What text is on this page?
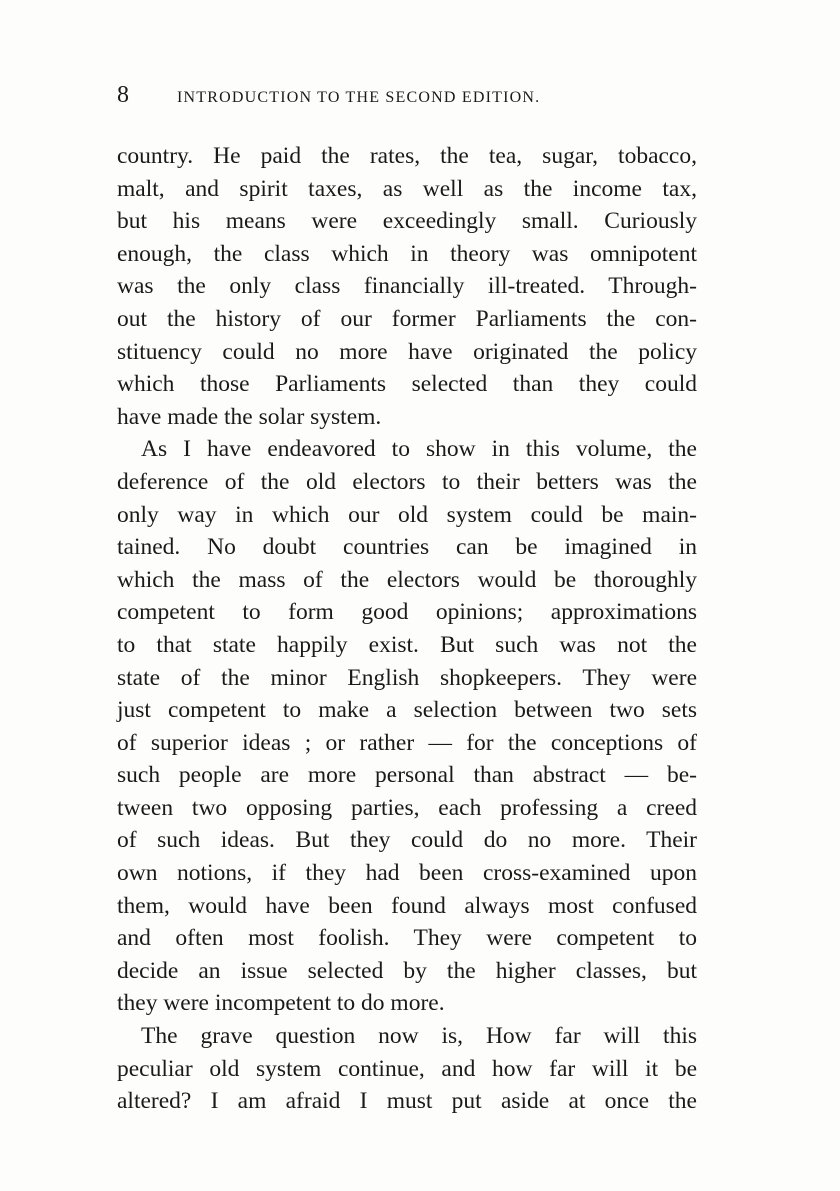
8	INTRODUCTION TO THE SECOND EDITION.
country. He paid the rates, the tea, sugar, tobacco,
malt, and spirit taxes, as well as the income tax,
but his means were exceedingly small. Curiously
enough, the class which in theory was omnipotent
was the only class financially ill-treated. Through-
out the history of our former Parliaments the con-
stituency could no more have originated the policy
which those Parliaments selected than they could
have made the solar system.
As I have endeavored to show in this volume, the
deference of the old electors to their betters was the
only way in which our old system could be main-
tained. No doubt countries can be imagined in
which the mass of the electors would be thoroughly
competent to form good opinions; approximations
to that state happily exist. But such was not the
state of the minor English shopkeepers. They were
just competent to make a selection between two sets
of superior ideas ; or rather — for the conceptions of
such people are more personal than abstract — be-
tween two opposing parties, each professing a creed
of such ideas. But they could do no more. Their
own notions, if they had been cross-examined upon
them, would have been found always most confused
and often most foolish. They were competent to
decide an issue selected by the higher classes, but
they were incompetent to do more.
The grave question now is, How far will this
peculiar old system continue, and how far will it be
altered? I am afraid I must put aside at once the
